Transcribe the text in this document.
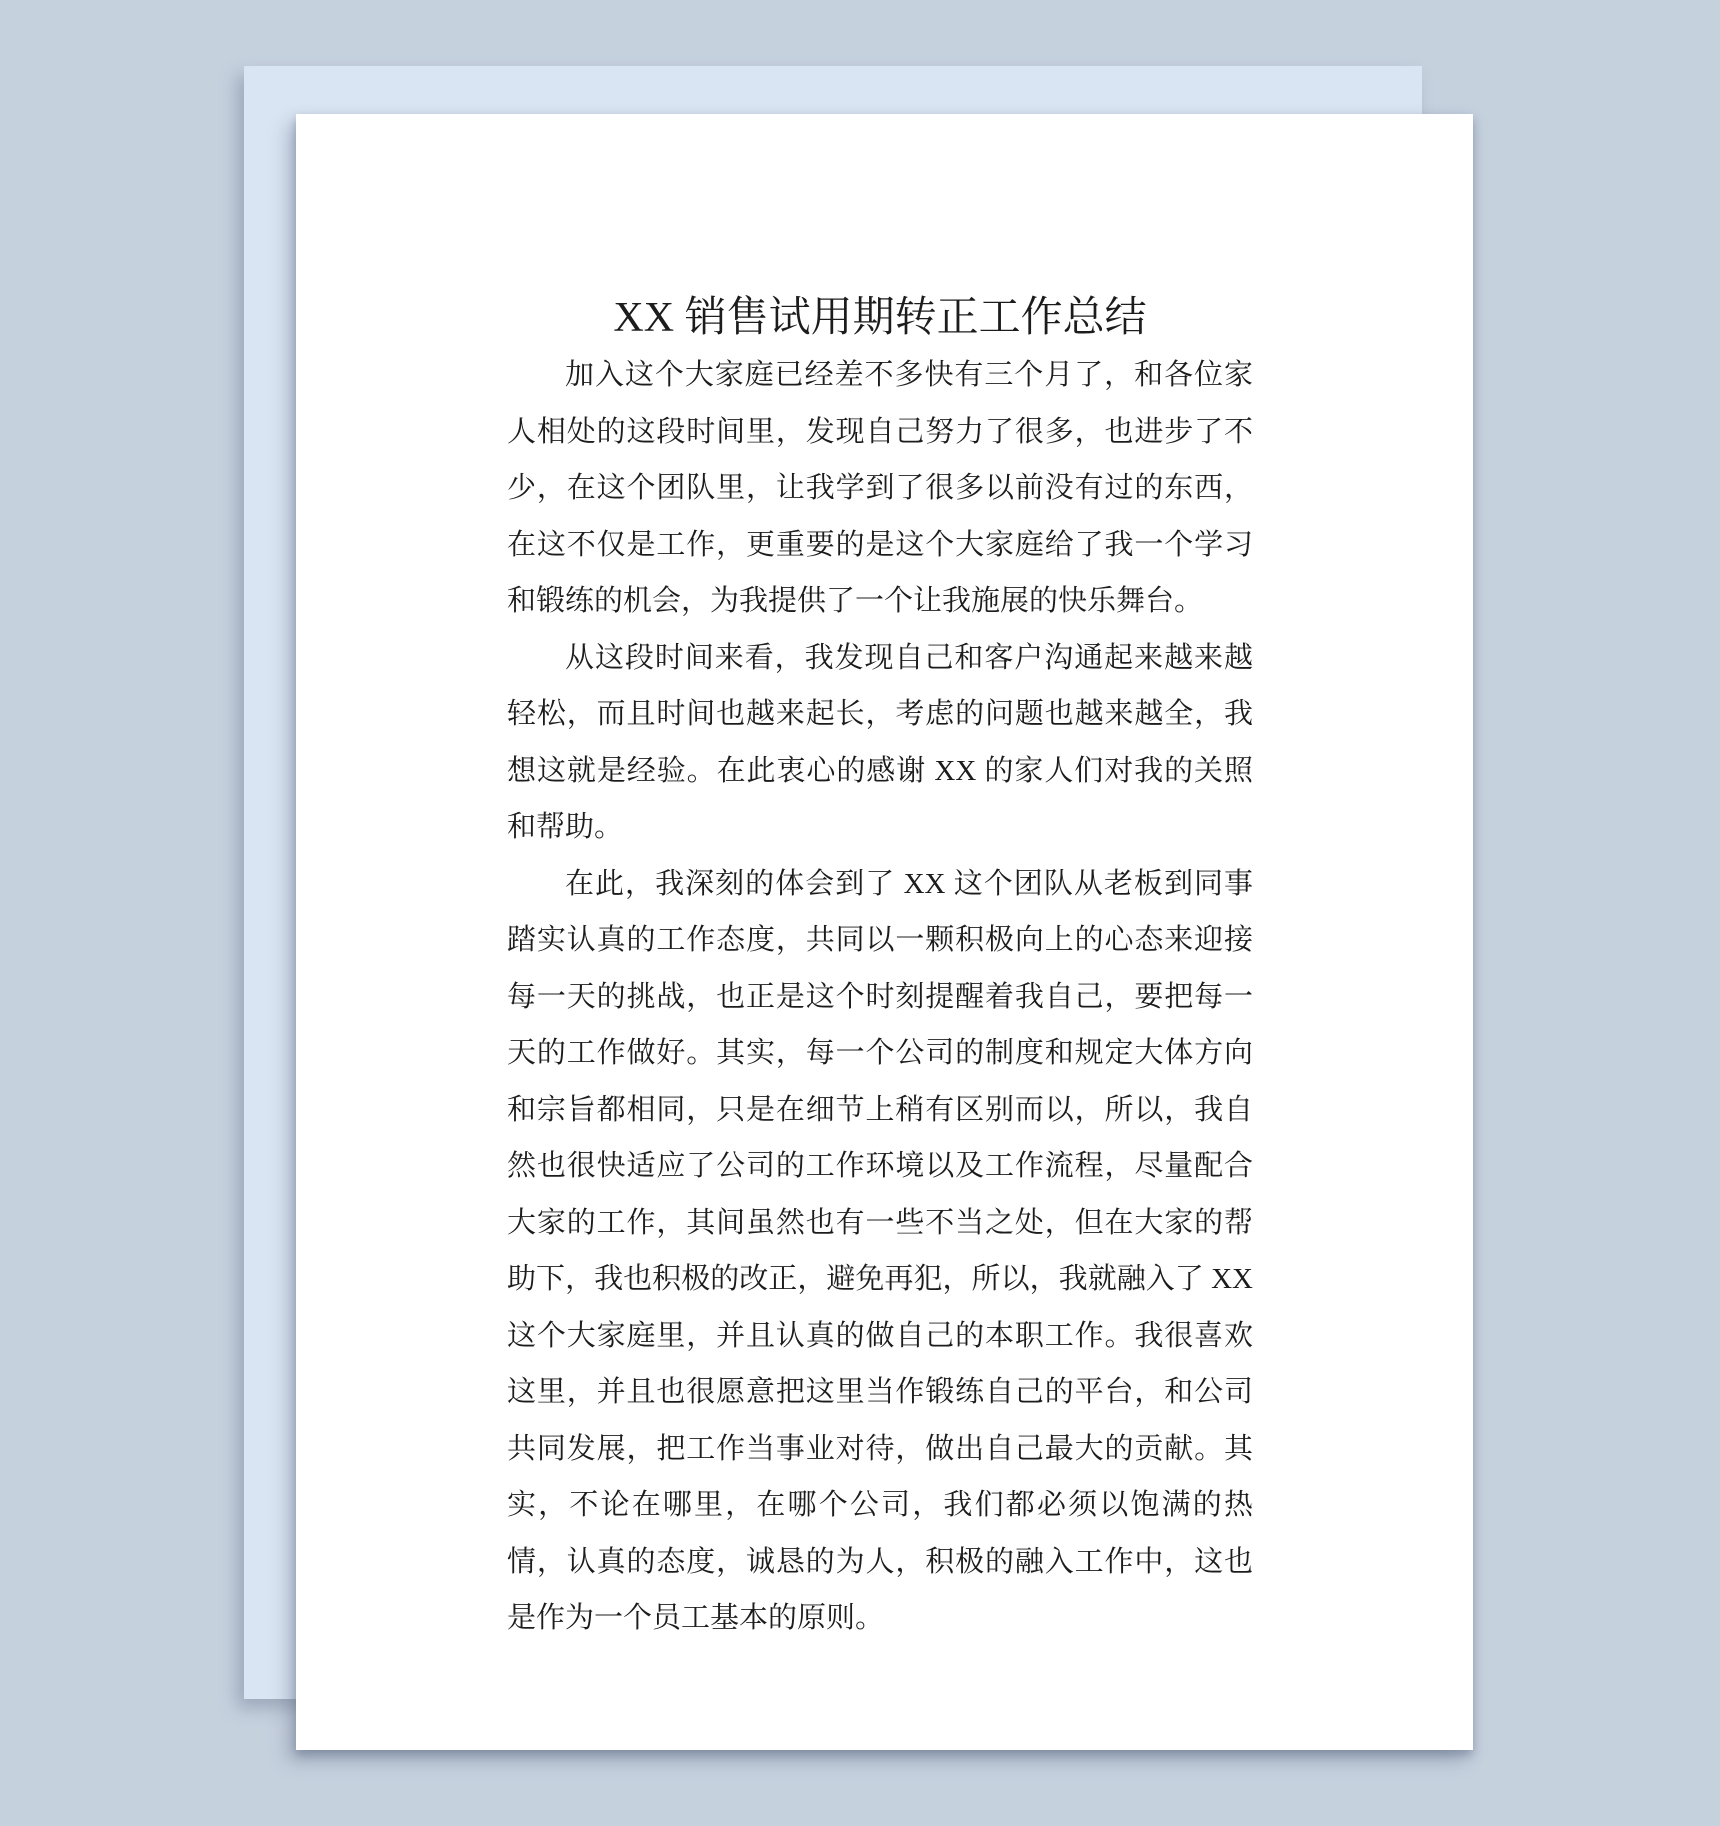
XX 销售试用期转正工作总结

加入这个大家庭已经差不多快有三个月了，和各位家人相处的这段时间里，发现自己努力了很多，也进步了不少，在这个团队里，让我学到了很多以前没有过的东西，在这不仅是工作，更重要的是这个大家庭给了我一个学习和锻练的机会，为我提供了一个让我施展的快乐舞台。

从这段时间来看，我发现自己和客户沟通起来越来越轻松，而且时间也越来起长，考虑的问题也越来越全，我想这就是经验。在此衷心的感谢 XX 的家人们对我的关照和帮助。

在此，我深刻的体会到了 XX 这个团队从老板到同事踏实认真的工作态度，共同以一颗积极向上的心态来迎接每一天的挑战，也正是这个时刻提醒着我自己，要把每一天的工作做好。其实，每一个公司的制度和规定大体方向和宗旨都相同，只是在细节上稍有区别而以，所以，我自然也很快适应了公司的工作环境以及工作流程，尽量配合大家的工作，其间虽然也有一些不当之处，但在大家的帮助下，我也积极的改正，避免再犯，所以，我就融入了 XX 这个大家庭里，并且认真的做自己的本职工作。我很喜欢这里，并且也很愿意把这里当作锻练自己的平台，和公司共同发展，把工作当事业对待，做出自己最大的贡献。其实，不论在哪里，在哪个公司，我们都必须以饱满的热情，认真的态度，诚恳的为人，积极的融入工作中，这也是作为一个员工基本的原则。
